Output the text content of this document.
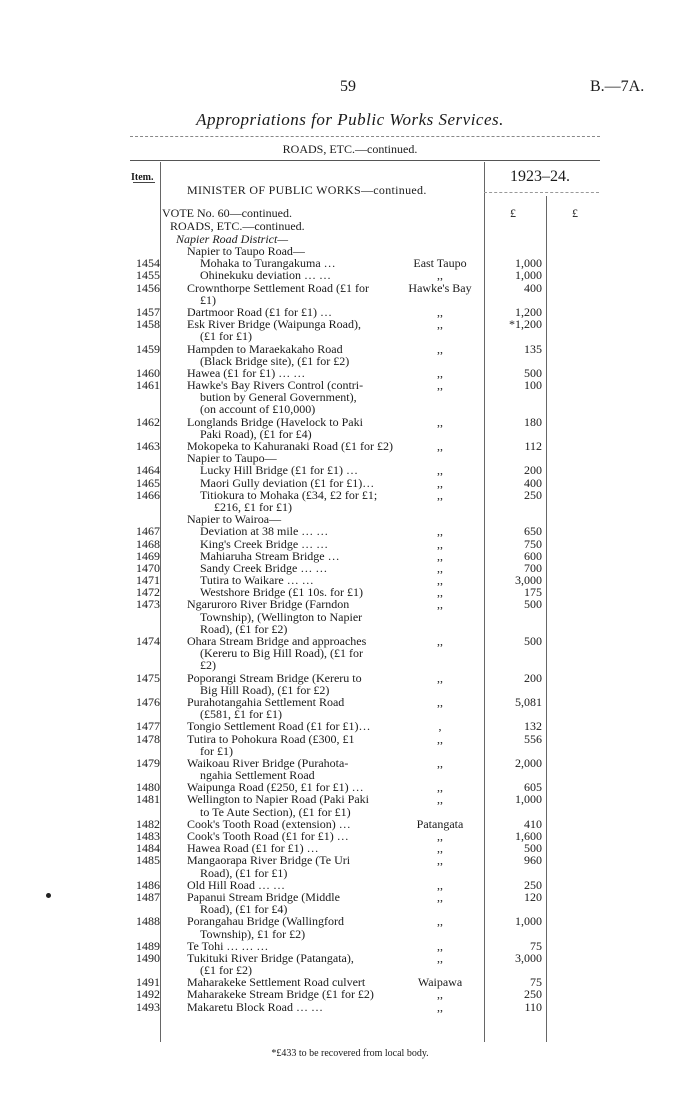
59	B.—7A.
Appropriations for Public Works Services.
ROADS, ETC.—continued.
Item.	1923–24.
MINISTER OF PUBLIC WORKS—continued.
VOTE No. 60—continued.
ROADS, ETC.—continued.
Napier Road District—
£	£
Napier to Taupo Road—
1454	Mohaka to Turangakuma …	East Taupo	1,000
1455	Ohinekuku deviation … …	,,	1,000
1456 Crownthorpe Settlement Road (£1 for	Hawke's Bay	400
£1)
1457 Dartmoor Road (£1 for £1) …	,,	1,200
1458 Esk River Bridge (Waipunga Road),	,,	*1,200
(£1 for £1)
1459 Hampden to Maraekakaho Road	,,	135
(Black Bridge site), (£1 for £2)
1460 Hawea (£1 for £1) … …	,,	500
1461 Hawke's Bay Rivers Control (contri-	,,	100
bution by General Government),
(on account of £10,000)
1462 Longlands Bridge (Havelock to Paki	,,	180
Paki Road), (£1 for £4)
1463 Mokopeka to Kahuranaki Road (£1 for £2)	,,	112
Napier to Taupo—
1464	Lucky Hill Bridge (£1 for £1) …	,,	200
1465	Maori Gully deviation (£1 for £1)…	,,	400
1466	Titiokura to Mohaka (£34, £2 for £1;	,,	250
£216, £1 for £1)
Napier to Wairoa—
1467	Deviation at 38 mile … …	,,	650
1468	King's Creek Bridge … …	,,	750
1469	Mahiaruha Stream Bridge …	,,	600
1470	Sandy Creek Bridge … …	,,	700
1471	Tutira to Waikare … …	,,	3,000
1472	Westshore Bridge (£1 10s. for £1)	,,	175
1473 Ngaruroro River Bridge (Farndon	,,	500
Township), (Wellington to Napier
Road), (£1 for £2)
1474 Ohara Stream Bridge and approaches	,,	500
(Kereru to Big Hill Road), (£1 for
£2)
1475 Poporangi Stream Bridge (Kereru to	,,	200
Big Hill Road), (£1 for £2)
1476 Purahotangahia Settlement Road	,,	5,081
(£581, £1 for £1)
1477 Tongio Settlement Road (£1 for £1)…	,	132
1478 Tutira to Pohokura Road (£300, £1	,,	556
for £1)
1479 Waikoau River Bridge (Purahota-	,,	2,000
ngahia Settlement Road
1480 Waipunga Road (£250, £1 for £1) …	,,	605
1481 Wellington to Napier Road (Paki Paki	,,	1,000
to Te Aute Section), (£1 for £1)
1482 Cook's Tooth Road (extension) …	Patangata	410
1483 Cook's Tooth Road (£1 for £1) …	,,	1,600
1484 Hawea Road (£1 for £1) …	,,	500
1485 Mangaorapa River Bridge (Te Uri	,,	960
Road), (£1 for £1)
1486 Old Hill Road … …	,,	250
1487 Papanui Stream Bridge (Middle	,,	120
Road), (£1 for £4)
1488 Porangahau Bridge (Wallingford	,,	1,000
Township), £1 for £2)
1489 Te Tohi … … …	,,	75
1490 Tukituki River Bridge (Patangata),	,,	3,000
(£1 for £2)
1491 Maharakeke Settlement Road culvert	Waipawa	75
1492 Maharakeke Stream Bridge (£1 for £2)	,,	250
1493 Makaretu Block Road … …	,,	110
*£433 to be recovered from local body.
